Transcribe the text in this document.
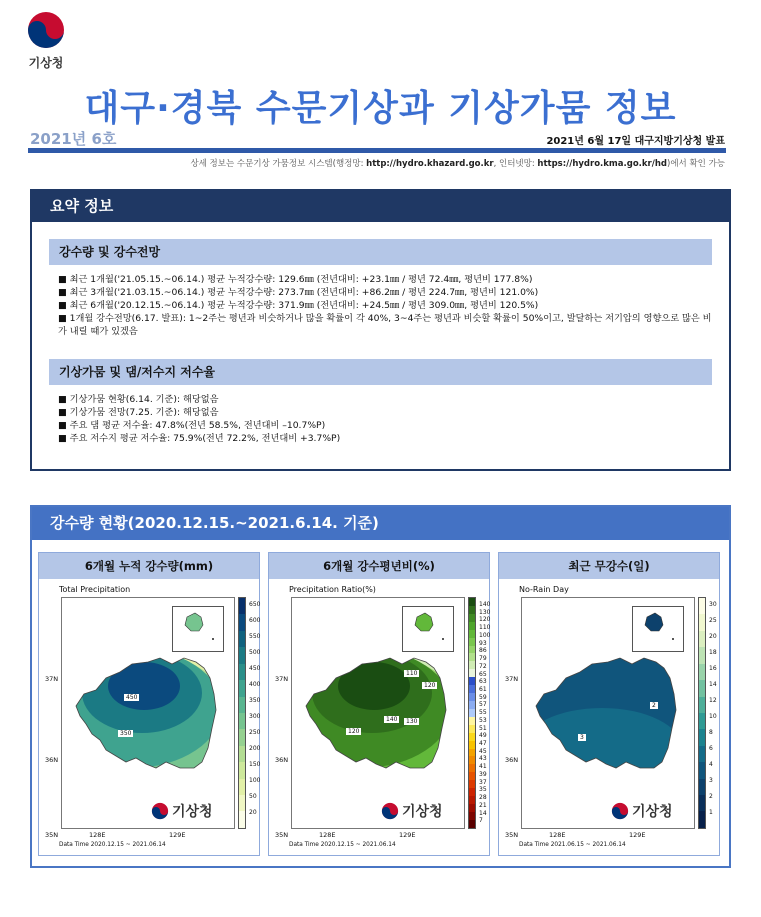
기상청
대구·경북 수문기상과 기상가뭄 정보
2021년 6호	2021년 6월 17일 대구지방기상청 발표
상세 정보는 수문기상 가뭄정보 시스템(행정망: http://hydro.khazard.go.kr, 인터넷망: https://hydro.kma.go.kr/hd)에서 확인 가능
요약 정보
강수량 및 강수전망
■ 최근 1개월('21.05.15.~06.14.) 평균 누적강수량: 129.6㎜ (전년대비: +23.1㎜ / 평년 72.4㎜, 평년비 177.8%)
■ 최근 3개월('21.03.15.~06.14.) 평균 누적강수량: 273.7㎜ (전년대비: +86.2㎜ / 평년 224.7㎜, 평년비 121.0%)
■ 최근 6개월('20.12.15.~06.14.) 평균 누적강수량: 371.9㎜ (전년대비: +24.5㎜ / 평년 309.0㎜, 평년비 120.5%)
■ 1개월 강수전망(6.17. 발표): 1~2주는 평년과 비슷하거나 많을 확률이 각 40%, 3~4주는 평년과 비슷할 확률이 50%이고, 발달하는 저기압의 영향으로 많은 비가 내릴 때가 있겠음
기상가뭄 및 댐/저수지 저수율
■ 기상가뭄 현황(6.14. 기준): 해당없음
■ 기상가뭄 전망(7.25. 기준): 해당없음
■ 주요 댐 평균 저수율: 47.8%(전년 58.5%, 전년대비 –10.7%P)
■ 주요 저수지 평균 저수율: 75.9%(전년 72.2%, 전년대비 +3.7%P)
강수량 현황(2020.12.15.~2021.6.14. 기준)
6개월 누적 강수량(mm)
Total Precipitation
450
350
기상청
37N
36N
35N	128E	129E
Data Time 2020.12.15 ~ 2021.06.14
650
600
550
500
450
400
350
300
250
200
150
100
50
20
6개월 강수평년비(%)
Precipitation Ratio(%)
140	130
120
110
120
기상청
37N
36N
35N	128E	129E
Data Time 2020.12.15 ~ 2021.06.14
140
130
120
110
100
93
86
79
72
65
63
61
59
57
55
53
51
49
47
45
43
41
39
37
35
28
21
14
7
최근 무강수(일)
No-Rain Day
2
3
기상청
37N
36N
35N	128E	129E
Data Time 2021.06.15 ~ 2021.06.14
30
25
20
18
16
14
12
10
8
6
4
3
2
1
